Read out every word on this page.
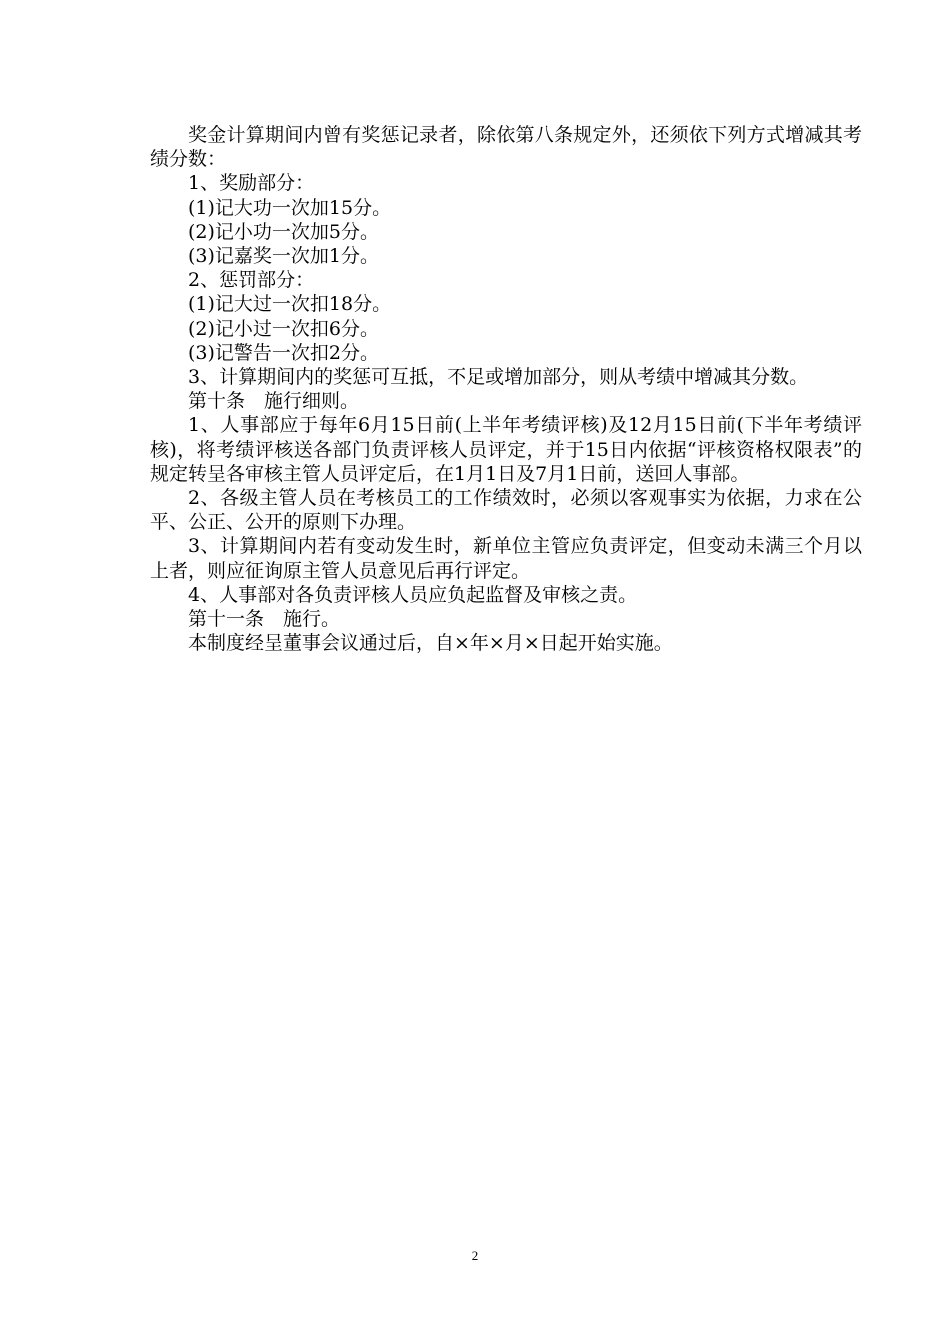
奖金计算期间内曾有奖惩记录者，除依第八条规定外，还须依下列方式增减其考绩分数：

1、奖励部分：

(1)记大功一次加15分。

(2)记小功一次加5分。

(3)记嘉奖一次加1分。

2、惩罚部分：

(1)记大过一次扣18分。

(2)记小过一次扣6分。

(3)记警告一次扣2分。

3、计算期间内的奖惩可互抵，不足或增加部分，则从考绩中增减其分数。

第十条　施行细则。

1、人事部应于每年6月15日前(上半年考绩评核)及12月15日前(下半年考绩评核)，将考绩评核送各部门负责评核人员评定，并于15日内依据“评核资格权限表”的规定转呈各审核主管人员评定后，在1月1日及7月1日前，送回人事部。

2、各级主管人员在考核员工的工作绩效时，必须以客观事实为依据，力求在公平、公正、公开的原则下办理。

3、计算期间内若有变动发生时，新单位主管应负责评定，但变动未满三个月以上者，则应征询原主管人员意见后再行评定。

4、人事部对各负责评核人员应负起监督及审核之责。

第十一条　施行。

本制度经呈董事会议通过后，自×年×月×日起开始实施。

2
